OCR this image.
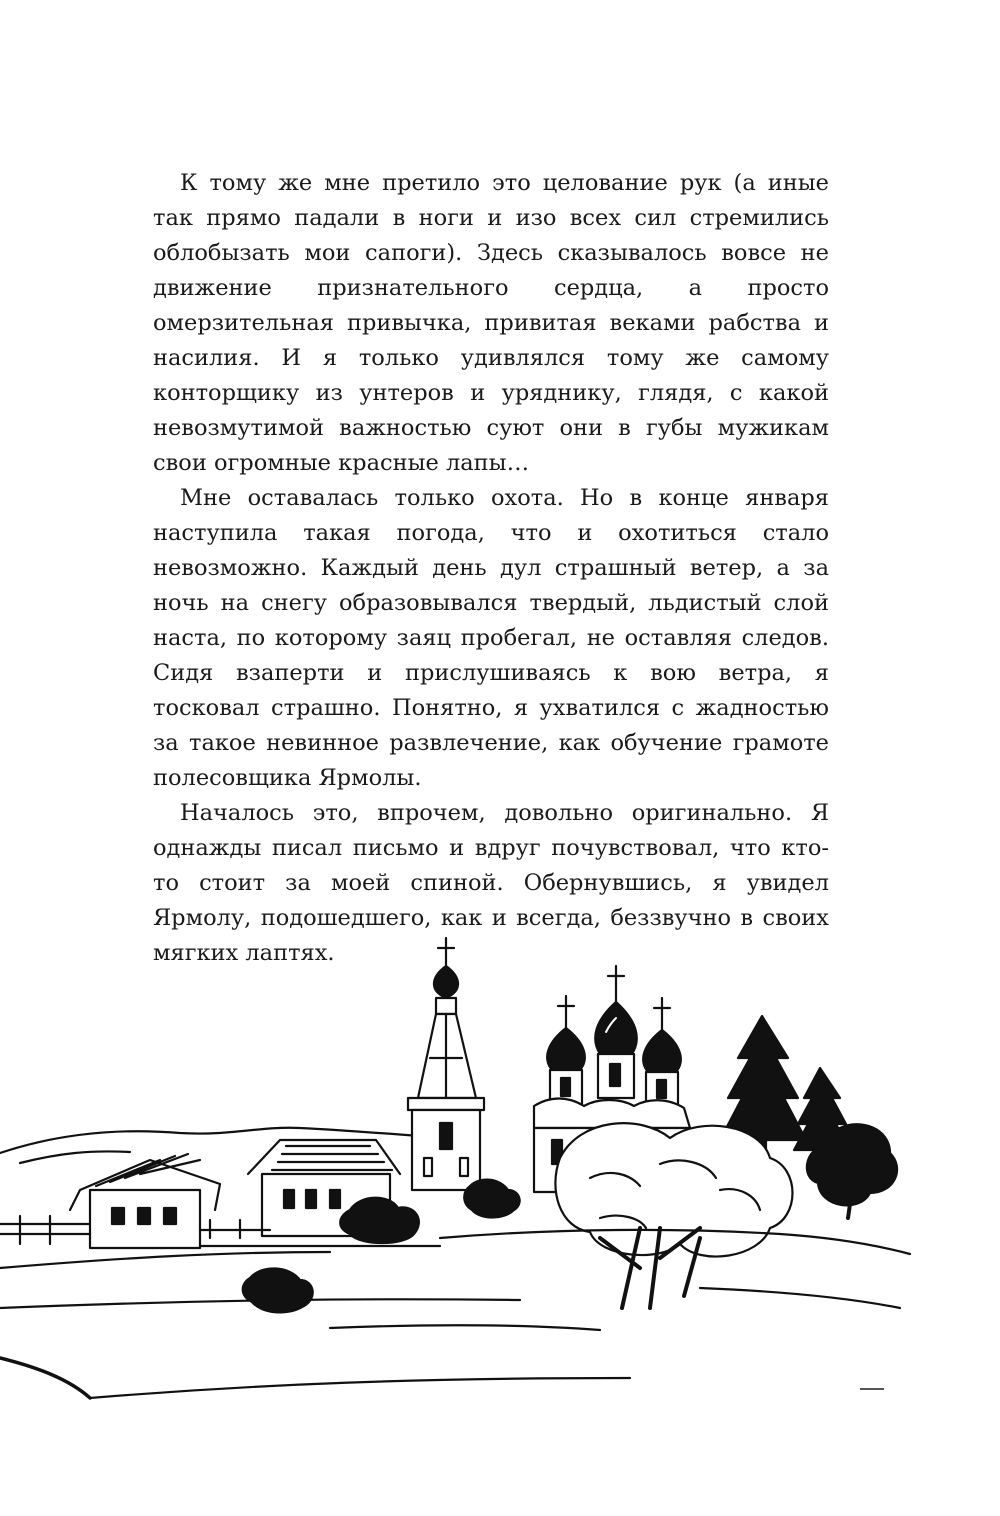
К тому же мне претило это целование рук (а иные так прямо падали в ноги и изо всех сил стремились облобызать мои сапоги). Здесь сказывалось вовсе не движение признательного сердца, а просто омерзительная привычка, привитая веками рабства и насилия. И я только удивлялся тому же самому конторщику из унтеров и уряднику, глядя, с какой невозмутимой важностью суют они в губы мужикам свои огромные красные лапы…

Мне оставалась только охота. Но в конце января наступила такая погода, что и охотиться стало невозможно. Каждый день дул страшный ветер, а за ночь на снегу образовывался твердый, льдистый слой наста, по которому заяц пробегал, не оставляя следов. Сидя взаперти и прислушиваясь к вою ветра, я тосковал страшно. Понятно, я ухватился с жадностью за такое невинное развлечение, как обучение грамоте полесовщика Ярмолы.

Началось это, впрочем, довольно оригинально. Я однажды писал письмо и вдруг почувствовал, что кто-то стоит за моей спиной. Обернувшись, я увидел Ярмолу, подошедшего, как и всегда, беззвучно в своих мягких лаптях.
